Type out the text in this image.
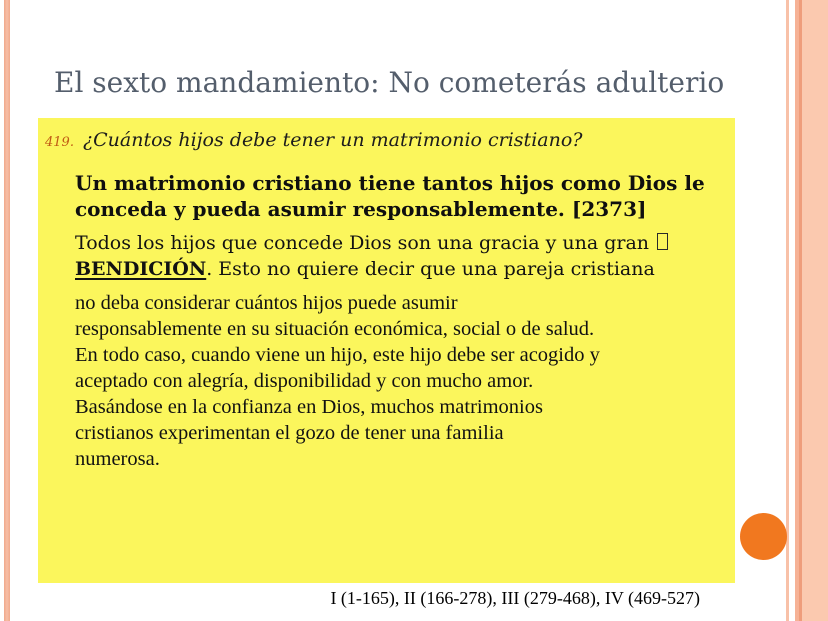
El sexto mandamiento: No cometerás adulterio
419. ¿Cuántos hijos debe tener un matrimonio cristiano?
Un matrimonio cristiano tiene tantos hijos como Dios le
conceda y pueda asumir responsablemente. [2373]
Todos los hijos que concede Dios son una gracia y una gran
BENDICIÓN. Esto no quiere decir que una pareja cristiana
no deba considerar cuántos hijos puede asumir
responsablemente en su situación económica, social o de salud.
En todo caso, cuando viene un hijo, este hijo debe ser acogido y
aceptado con alegría, disponibilidad y con mucho amor.
Basándose en la confianza en Dios, muchos matrimonios
cristianos experimentan el gozo de tener una familia
numerosa.
I (1-165), II (166-278), III (279-468), IV (469-527)
